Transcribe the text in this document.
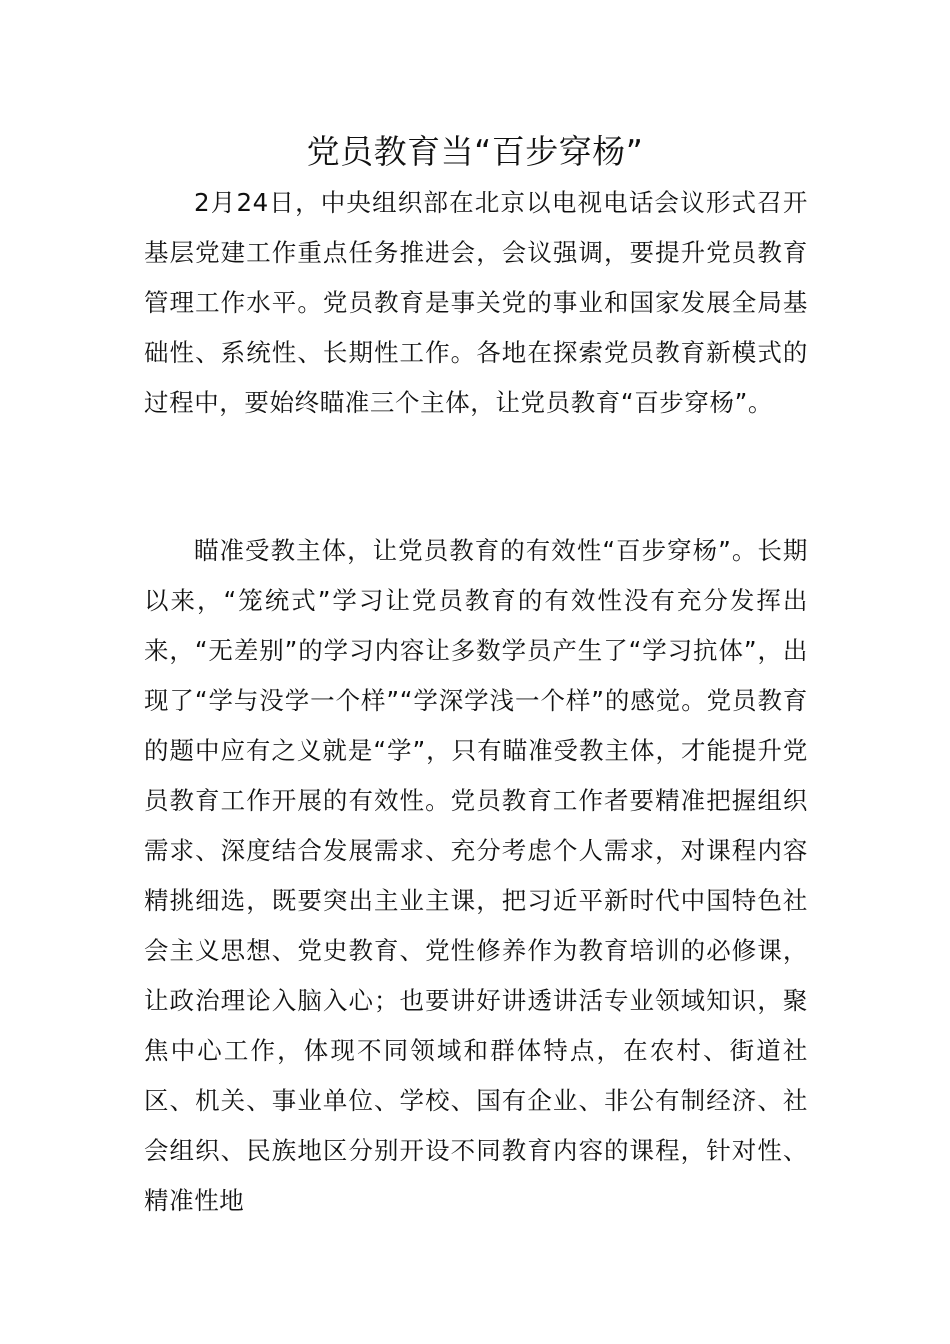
党员教育当“百步穿杨”

2月24日，中央组织部在北京以电视电话会议形式召开基层党建工作重点任务推进会，会议强调，要提升党员教育管理工作水平。党员教育是事关党的事业和国家发展全局基础性、系统性、长期性工作。各地在探索党员教育新模式的过程中，要始终瞄准三个主体，让党员教育“百步穿杨”。

瞄准受教主体，让党员教育的有效性“百步穿杨”。长期以来，“笼统式”学习让党员教育的有效性没有充分发挥出来，“无差别”的学习内容让多数学员产生了“学习抗体”，出现了“学与没学一个样”“学深学浅一个样”的感觉。党员教育的题中应有之义就是“学”，只有瞄准受教主体，才能提升党员教育工作开展的有效性。党员教育工作者要精准把握组织需求、深度结合发展需求、充分考虑个人需求，对课程内容精挑细选，既要突出主业主课，把习近平新时代中国特色社会主义思想、党史教育、党性修养作为教育培训的必修课，让政治理论入脑入心；也要讲好讲透讲活专业领域知识，聚焦中心工作，体现不同领域和群体特点，在农村、街道社区、机关、事业单位、学校、国有企业、非公有制经济、社会组织、民族地区分别开设不同教育内容的课程，针对性、精准性地
